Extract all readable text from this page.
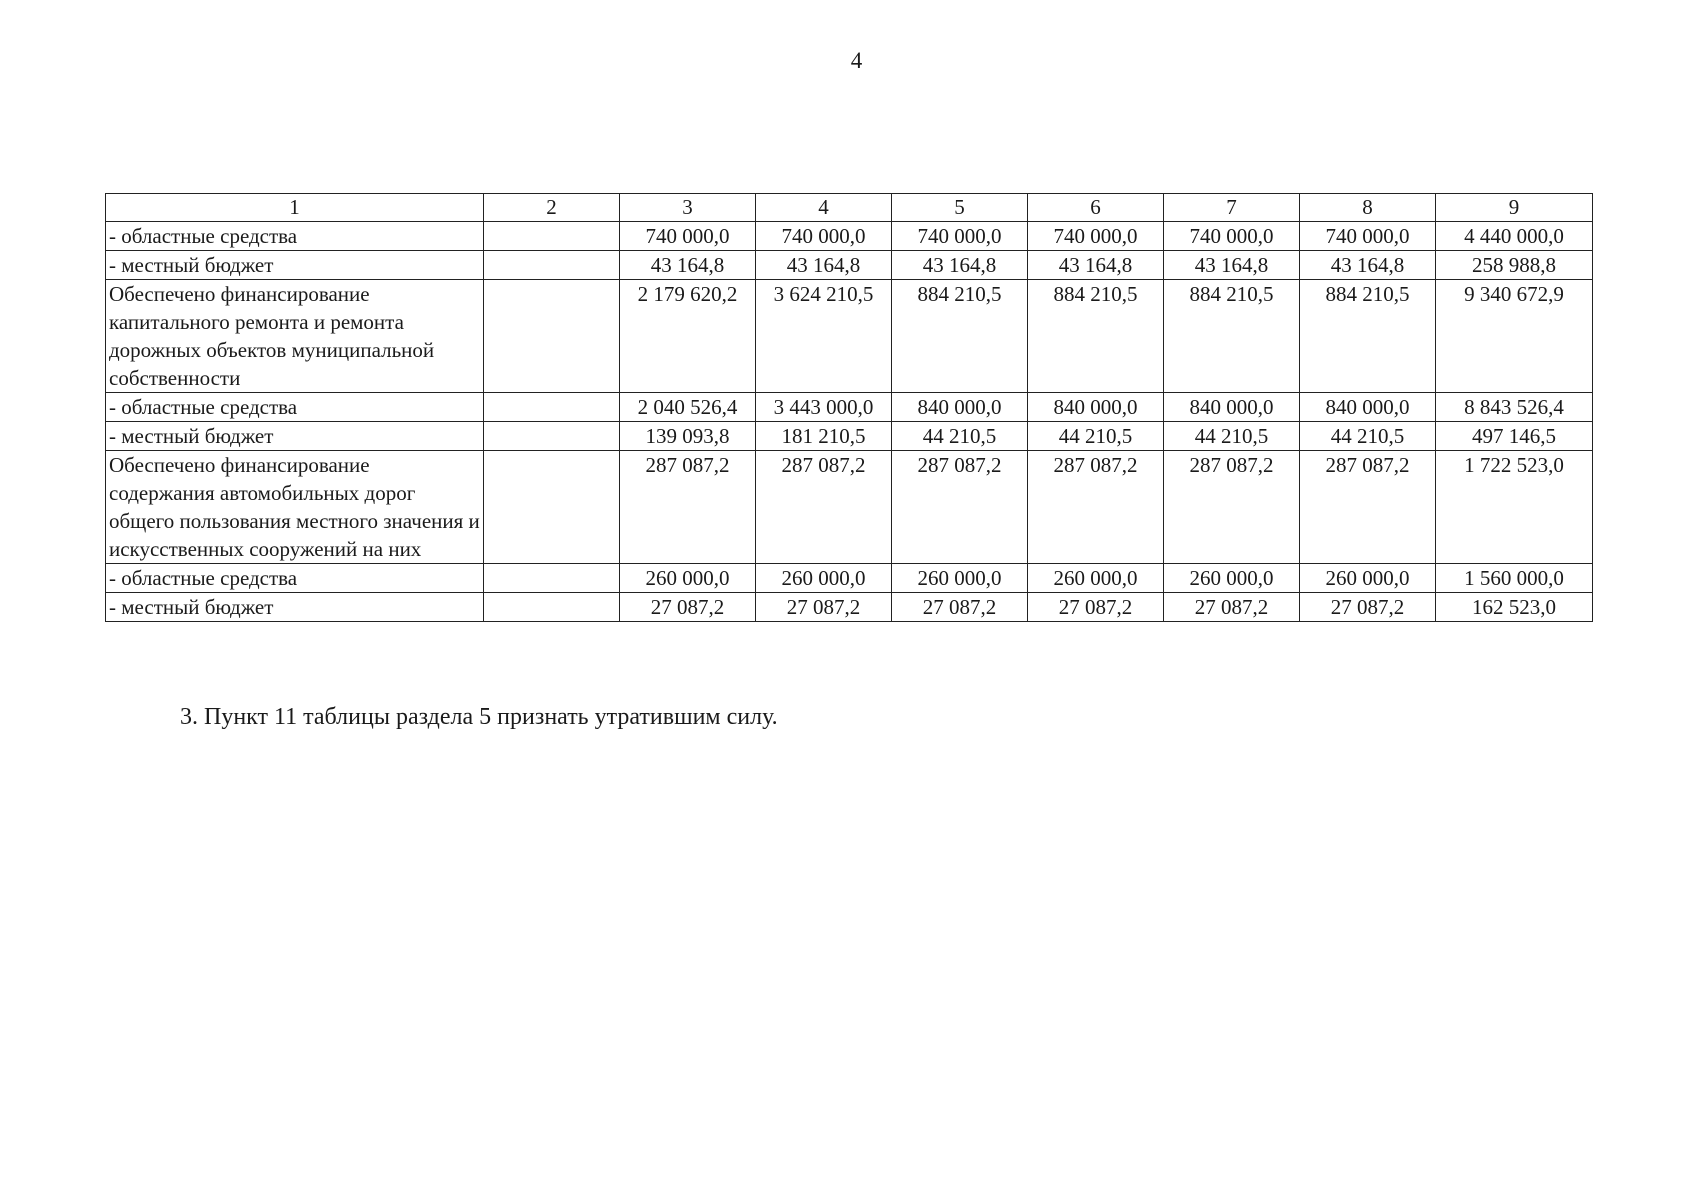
4
1	2	3	4	5	6	7	8	9
- областные средства		740 000,0	740 000,0	740 000,0	740 000,0	740 000,0	740 000,0	4 440 000,0
- местный бюджет		43 164,8	43 164,8	43 164,8	43 164,8	43 164,8	43 164,8	258 988,8
Обеспечено финансирование капитального ремонта и ремонта дорожных объектов муниципальной собственности		2 179 620,2	3 624 210,5	884 210,5	884 210,5	884 210,5	884 210,5	9 340 672,9
- областные средства		2 040 526,4	3 443 000,0	840 000,0	840 000,0	840 000,0	840 000,0	8 843 526,4
- местный бюджет		139 093,8	181 210,5	44 210,5	44 210,5	44 210,5	44 210,5	497 146,5
Обеспечено финансирование содержания автомобильных дорог общего пользования местного значения и искусственных сооружений на них		287 087,2	287 087,2	287 087,2	287 087,2	287 087,2	287 087,2	1 722 523,0
- областные средства		260 000,0	260 000,0	260 000,0	260 000,0	260 000,0	260 000,0	1 560 000,0
- местный бюджет		27 087,2	27 087,2	27 087,2	27 087,2	27 087,2	27 087,2	162 523,0

3. Пункт 11 таблицы раздела 5 признать утратившим силу.
